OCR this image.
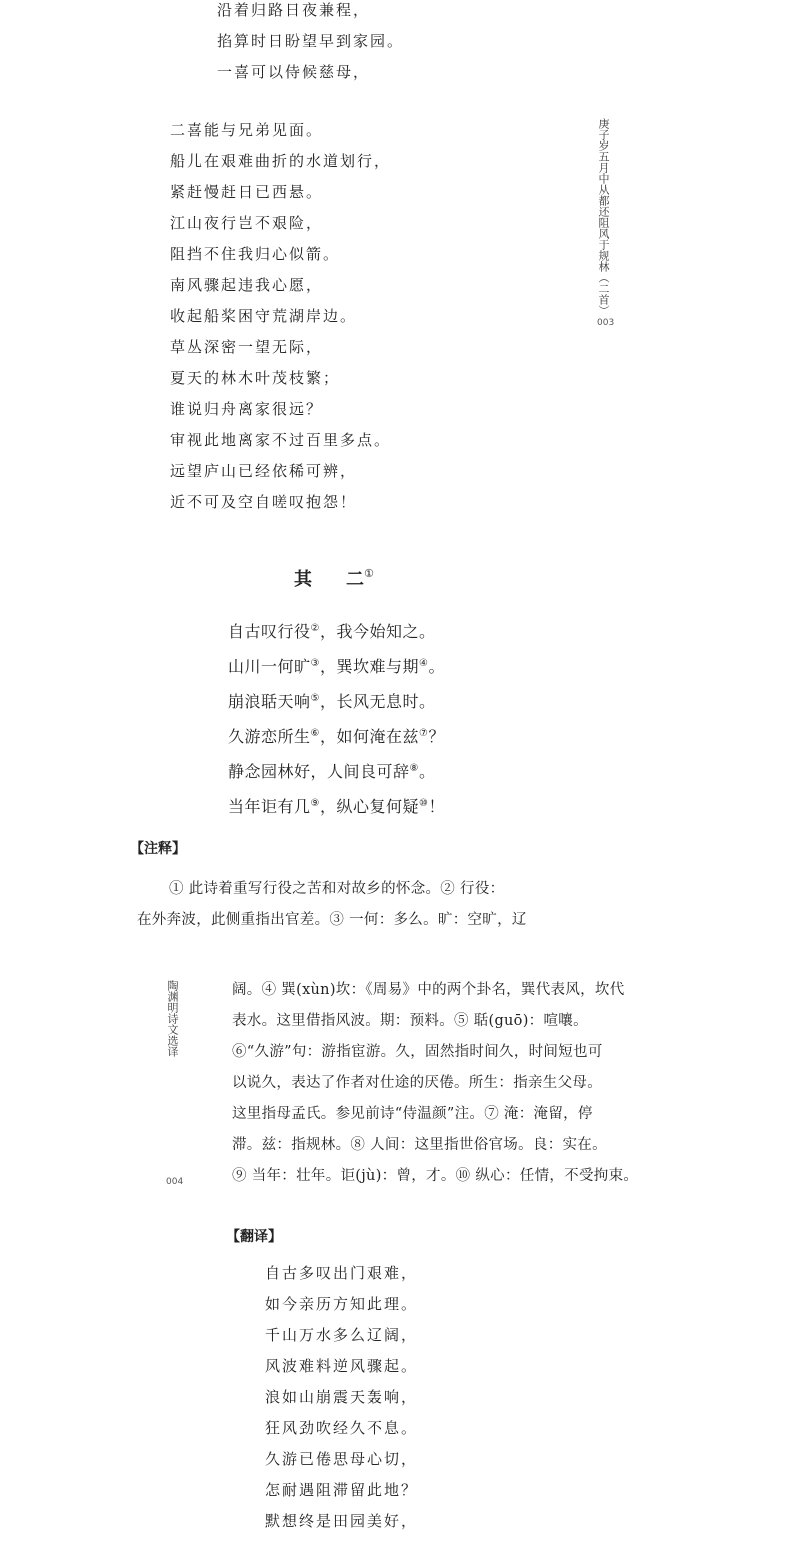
沿着归路日夜兼程，
掐算时日盼望早到家园。
一喜可以侍候慈母，
二喜能与兄弟见面。
船儿在艰难曲折的水道划行，
紧赶慢赶日已西悬。
江山夜行岂不艰险，
阻挡不住我归心似箭。
南风骤起违我心愿，
收起船桨困守荒湖岸边。
草丛深密一望无际，
夏天的林木叶茂枝繁；
谁说归舟离家很远？
审视此地离家不过百里多点。
远望庐山已经依稀可辨，
近不可及空自嗟叹抱怨！
庚子岁五月中从都还阻风于规林（二首）
003
其 二①
自古叹行役②，我今始知之。
山川一何旷③，巽坎难与期④。
崩浪聒天响⑤，长风无息时。
久游恋所生⑥，如何淹在兹⑦？
静念园林好，人间良可辞⑧。
当年讵有几⑨，纵心复何疑⑩！
【注释】
① 此诗着重写行役之苦和对故乡的怀念。② 行役：
在外奔波，此侧重指出官差。③ 一何：多么。旷：空旷，辽
陶渊明诗文选译
004
阔。④ 巽(xùn)坎：《周易》中的两个卦名，巽代表风，坎代
表水。这里借指风波。期：预料。⑤ 聒(guō)：喧嚷。
⑥“久游”句：游指宦游。久，固然指时间久，时间短也可
以说久，表达了作者对仕途的厌倦。所生：指亲生父母。
这里指母孟氏。参见前诗“侍温颜”注。⑦ 淹：淹留，停
滞。兹：指规林。⑧ 人间：这里指世俗官场。良：实在。
⑨ 当年：壮年。讵(jù)：曾，才。⑩ 纵心：任情，不受拘束。
【翻译】
自古多叹出门艰难，
如今亲历方知此理。
千山万水多么辽阔，
风波难料逆风骤起。
浪如山崩震天轰响，
狂风劲吹经久不息。
久游已倦思母心切，
怎耐遇阻滞留此地？
默想终是田园美好，
